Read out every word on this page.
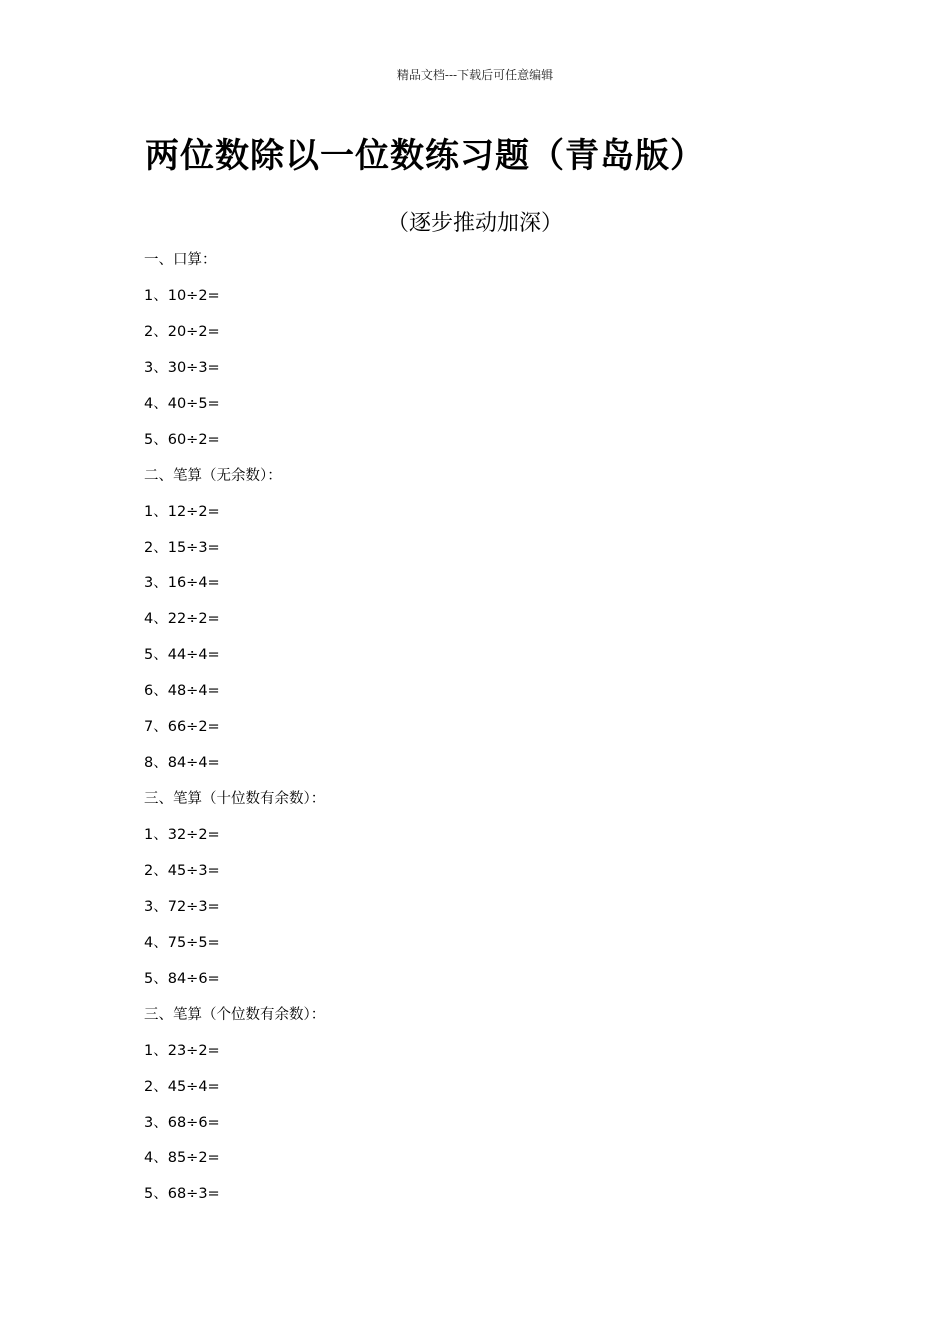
精品文档---下载后可任意编辑
两位数除以一位数练习题（青岛版）
（逐步推动加深）
一、口算：
1、10÷2=
2、20÷2=
3、30÷3=
4、40÷5=
5、60÷2=
二、笔算（无余数）：
1、12÷2=
2、15÷3=
3、16÷4=
4、22÷2=
5、44÷4=
6、48÷4=
7、66÷2=
8、84÷4=
三、笔算（十位数有余数）：
1、32÷2=
2、45÷3=
3、72÷3=
4、75÷5=
5、84÷6=
三、笔算（个位数有余数）：
1、23÷2=
2、45÷4=
3、68÷6=
4、85÷2=
5、68÷3=
